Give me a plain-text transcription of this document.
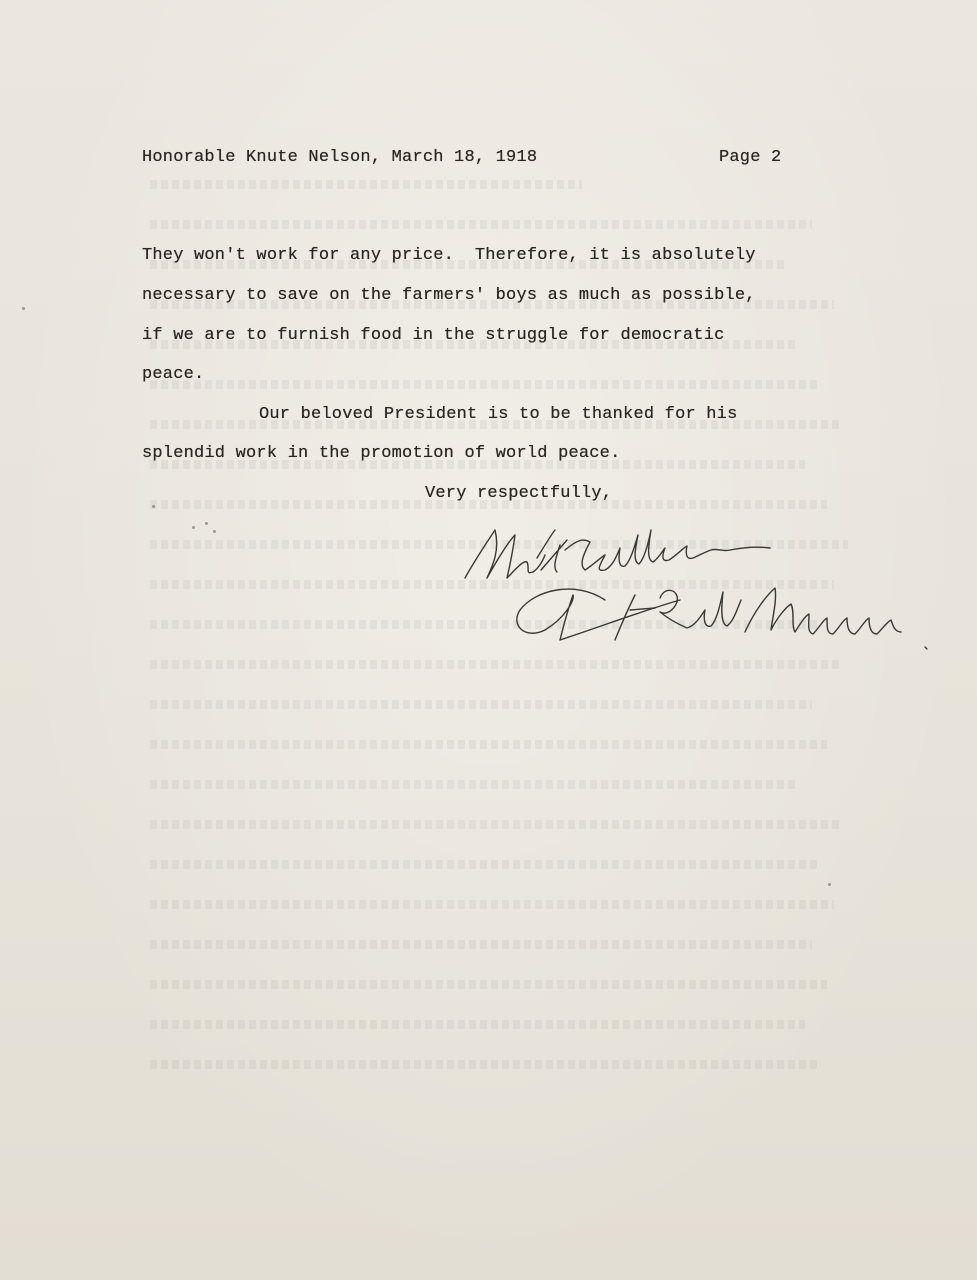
Honorable Knute Nelson, March 18, 1918	Page 2
They won't work for any price.  Therefore, it is absolutely
necessary to save on the farmers' boys as much as possible,
if we are to furnish food in the struggle for democratic
peace.
Our beloved President is to be thanked for his
splendid work in the promotion of world peace.
Very respectfully,
